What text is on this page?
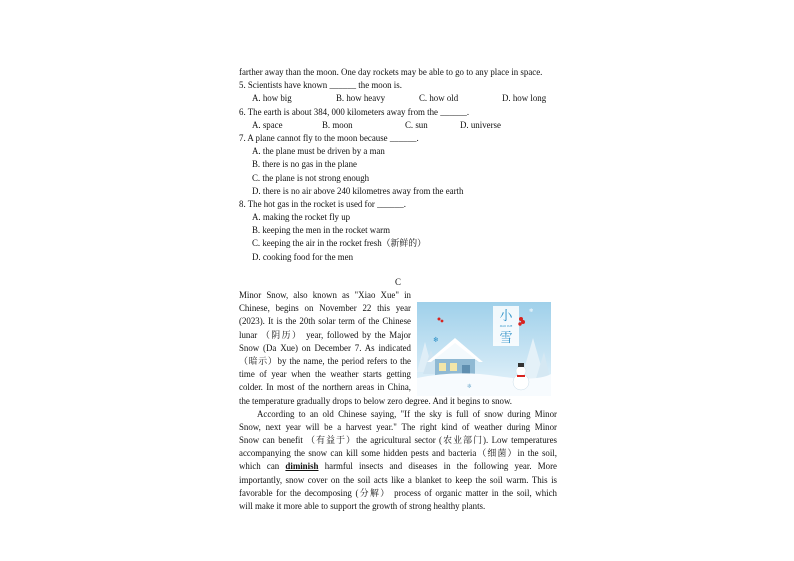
farther away than the moon. One day rockets may be able to go to any place in space.
5. Scientists have known ______ the moon is.
A. how big	B. how heavy	C. how old	D. how long
6. The earth is about 384, 000 kilometers away from the ______.
A. space	B. moon	C. sun	D. universe
7. A plane cannot fly to the moon because ______.
A. the plane must be driven by a man
B. there is no gas in the plane
C. the plane is not strong enough
D. there is no air above 240 kilometres away from the earth
8. The hot gas in the rocket is used for ______.
A. making the rocket fly up
B. keeping the men in the rocket warm
C. keeping the air in the rocket fresh（新鲜的）
D. cooking food for the men
C
Minor Snow, also known as "Xiao Xue" in
Chinese, begins on November 22 this year
(2023). It is the 20th solar term of the Chinese
lunar （阴历） year, followed by the Major
Snow (Da Xue) on December 7. As indicated
（暗示）by the name, the period refers to the
time of year when the weather starts getting
colder. In most of the northern areas in China,
the temperature gradually drops to below zero degree. And it begins to snow.
According to an old Chinese saying, "If the sky is full of snow during Minor
Snow, next year will be a harvest year." The right kind of weather during Minor
Snow can benefit （有益于）the agricultural sector (农业部门). Low temperatures
accompanying the snow can kill some hidden pests and bacteria（细菌）in the soil,
which can diminish harmful insects and diseases in the following year. More
importantly, snow cover on the soil acts like a blanket to keep the soil warm. This is
favorable for the decomposing (分解） process of organic matter in the soil, which
will make it more able to support the growth of strong healthy plants.
小
雪
XIAO XUE
❄
❄
❄
